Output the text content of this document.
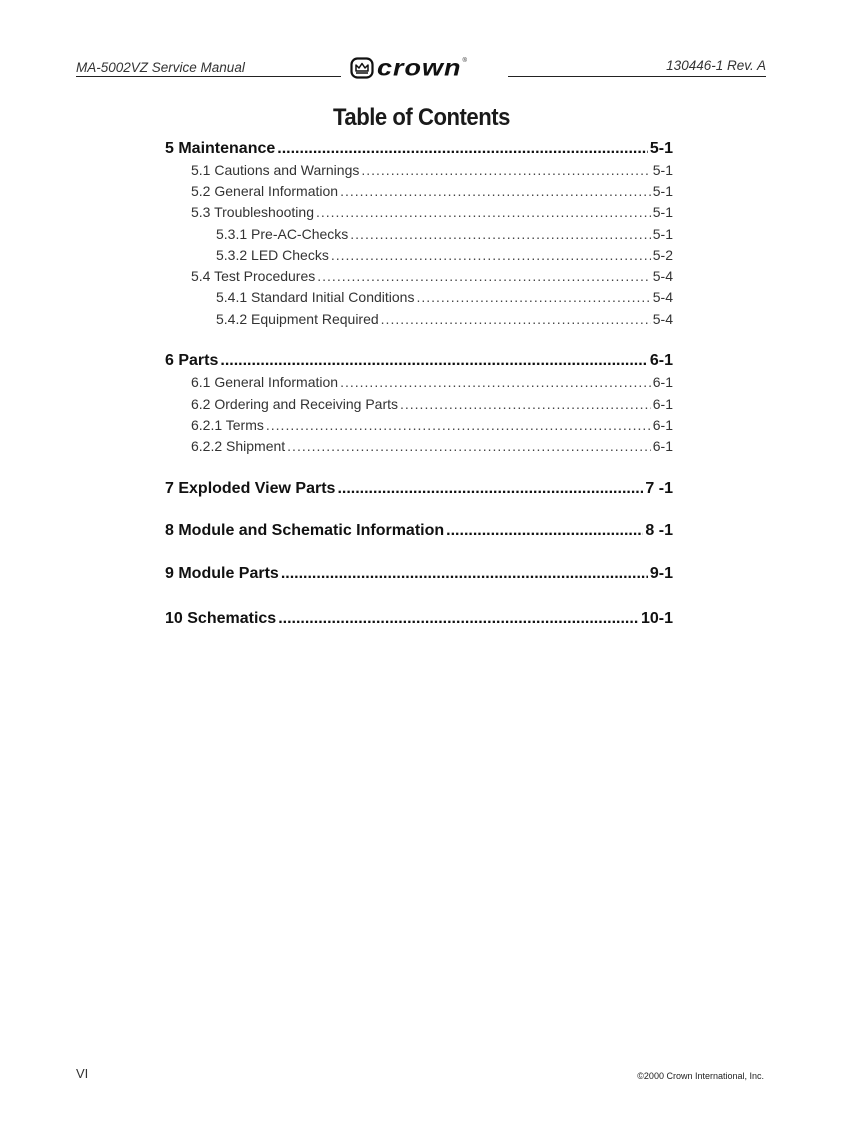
MA-5002VZ Service Manual	crown ®	130446-1 Rev. A
Table of Contents
5 Maintenance .....	5-1
5.1 Cautions and Warnings .....	5-1
5.2 General Information .....	5-1
5.3 Troubleshooting .....	5-1
5.3.1 Pre-AC-Checks .....	5-1
5.3.2 LED Checks .....	5-2
5.4 Test Procedures .....	5-4
5.4.1 Standard Initial Conditions .....	5-4
5.4.2 Equipment Required .....	5-4
6 Parts .....	6-1
6.1 General Information .....	6-1
6.2 Ordering and Receiving Parts .....	6-1
6.2.1 Terms .....	6-1
6.2.2 Shipment .....	6-1
7 Exploded View Parts .....	7 -1
8 Module and Schematic Information .....	8 -1
9 Module Parts .....	9-1
10 Schematics .....	10-1
VI	©2000 Crown International, Inc.
